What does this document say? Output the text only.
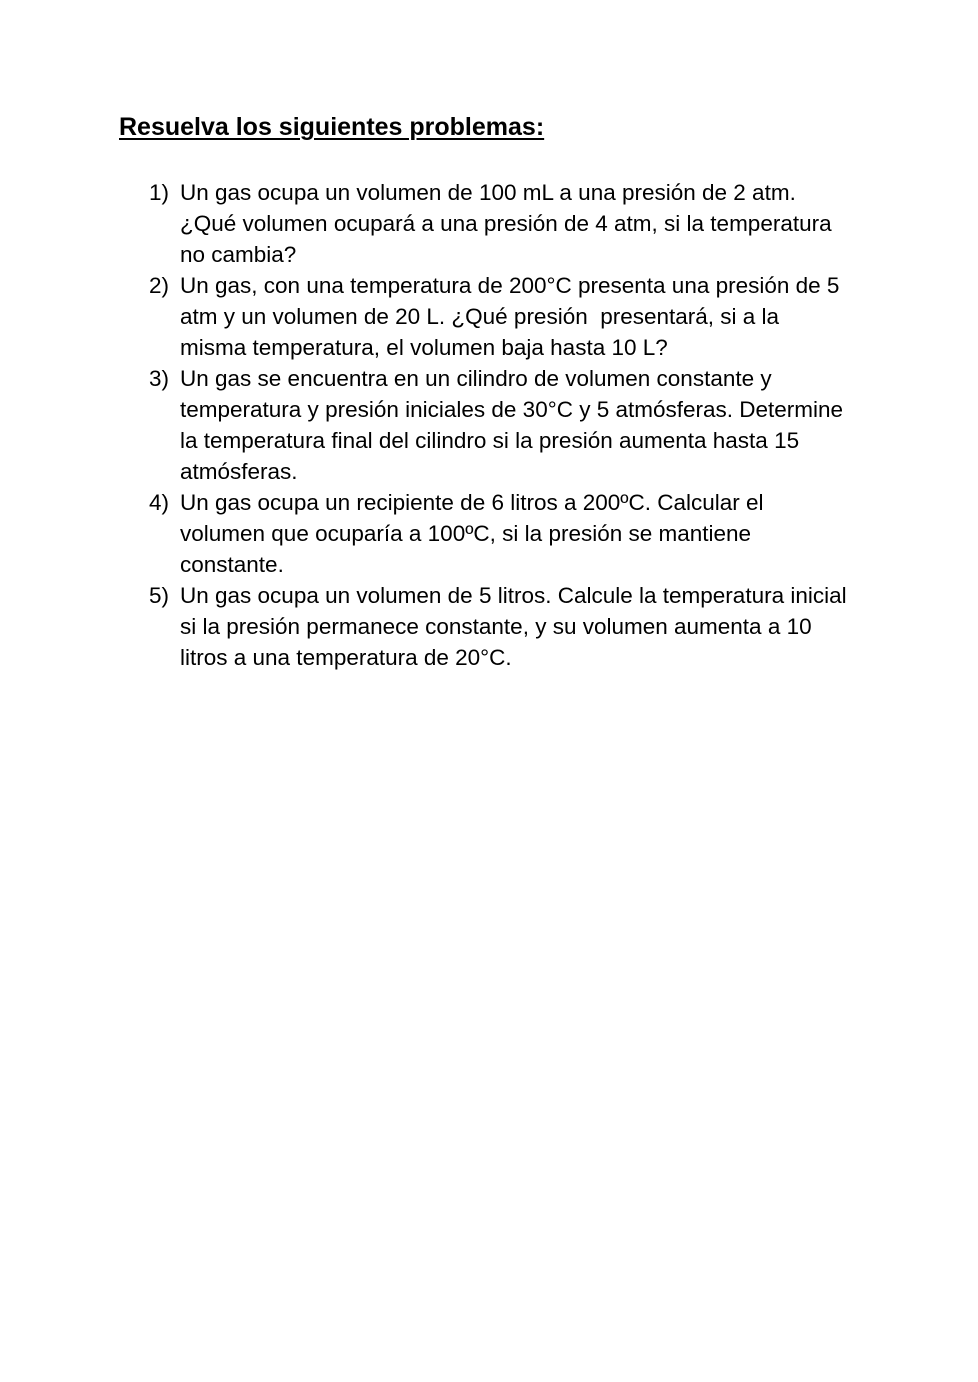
Resuelva los siguientes problemas:
1) Un gas ocupa un volumen de 100 mL a una presión de 2 atm.
¿Qué volumen ocupará a una presión de 4 atm, si la temperatura
no cambia?
2) Un gas, con una temperatura de 200°C presenta una presión de 5
atm y un volumen de 20 L. ¿Qué presión  presentará, si a la
misma temperatura, el volumen baja hasta 10 L?
3) Un gas se encuentra en un cilindro de volumen constante y
temperatura y presión iniciales de 30°C y 5 atmósferas. Determine
la temperatura final del cilindro si la presión aumenta hasta 15
atmósferas.
4) Un gas ocupa un recipiente de 6 litros a 200ºC. Calcular el
volumen que ocuparía a 100ºC, si la presión se mantiene
constante.
5) Un gas ocupa un volumen de 5 litros. Calcule la temperatura inicial
si la presión permanece constante, y su volumen aumenta a 10
litros a una temperatura de 20°C.
